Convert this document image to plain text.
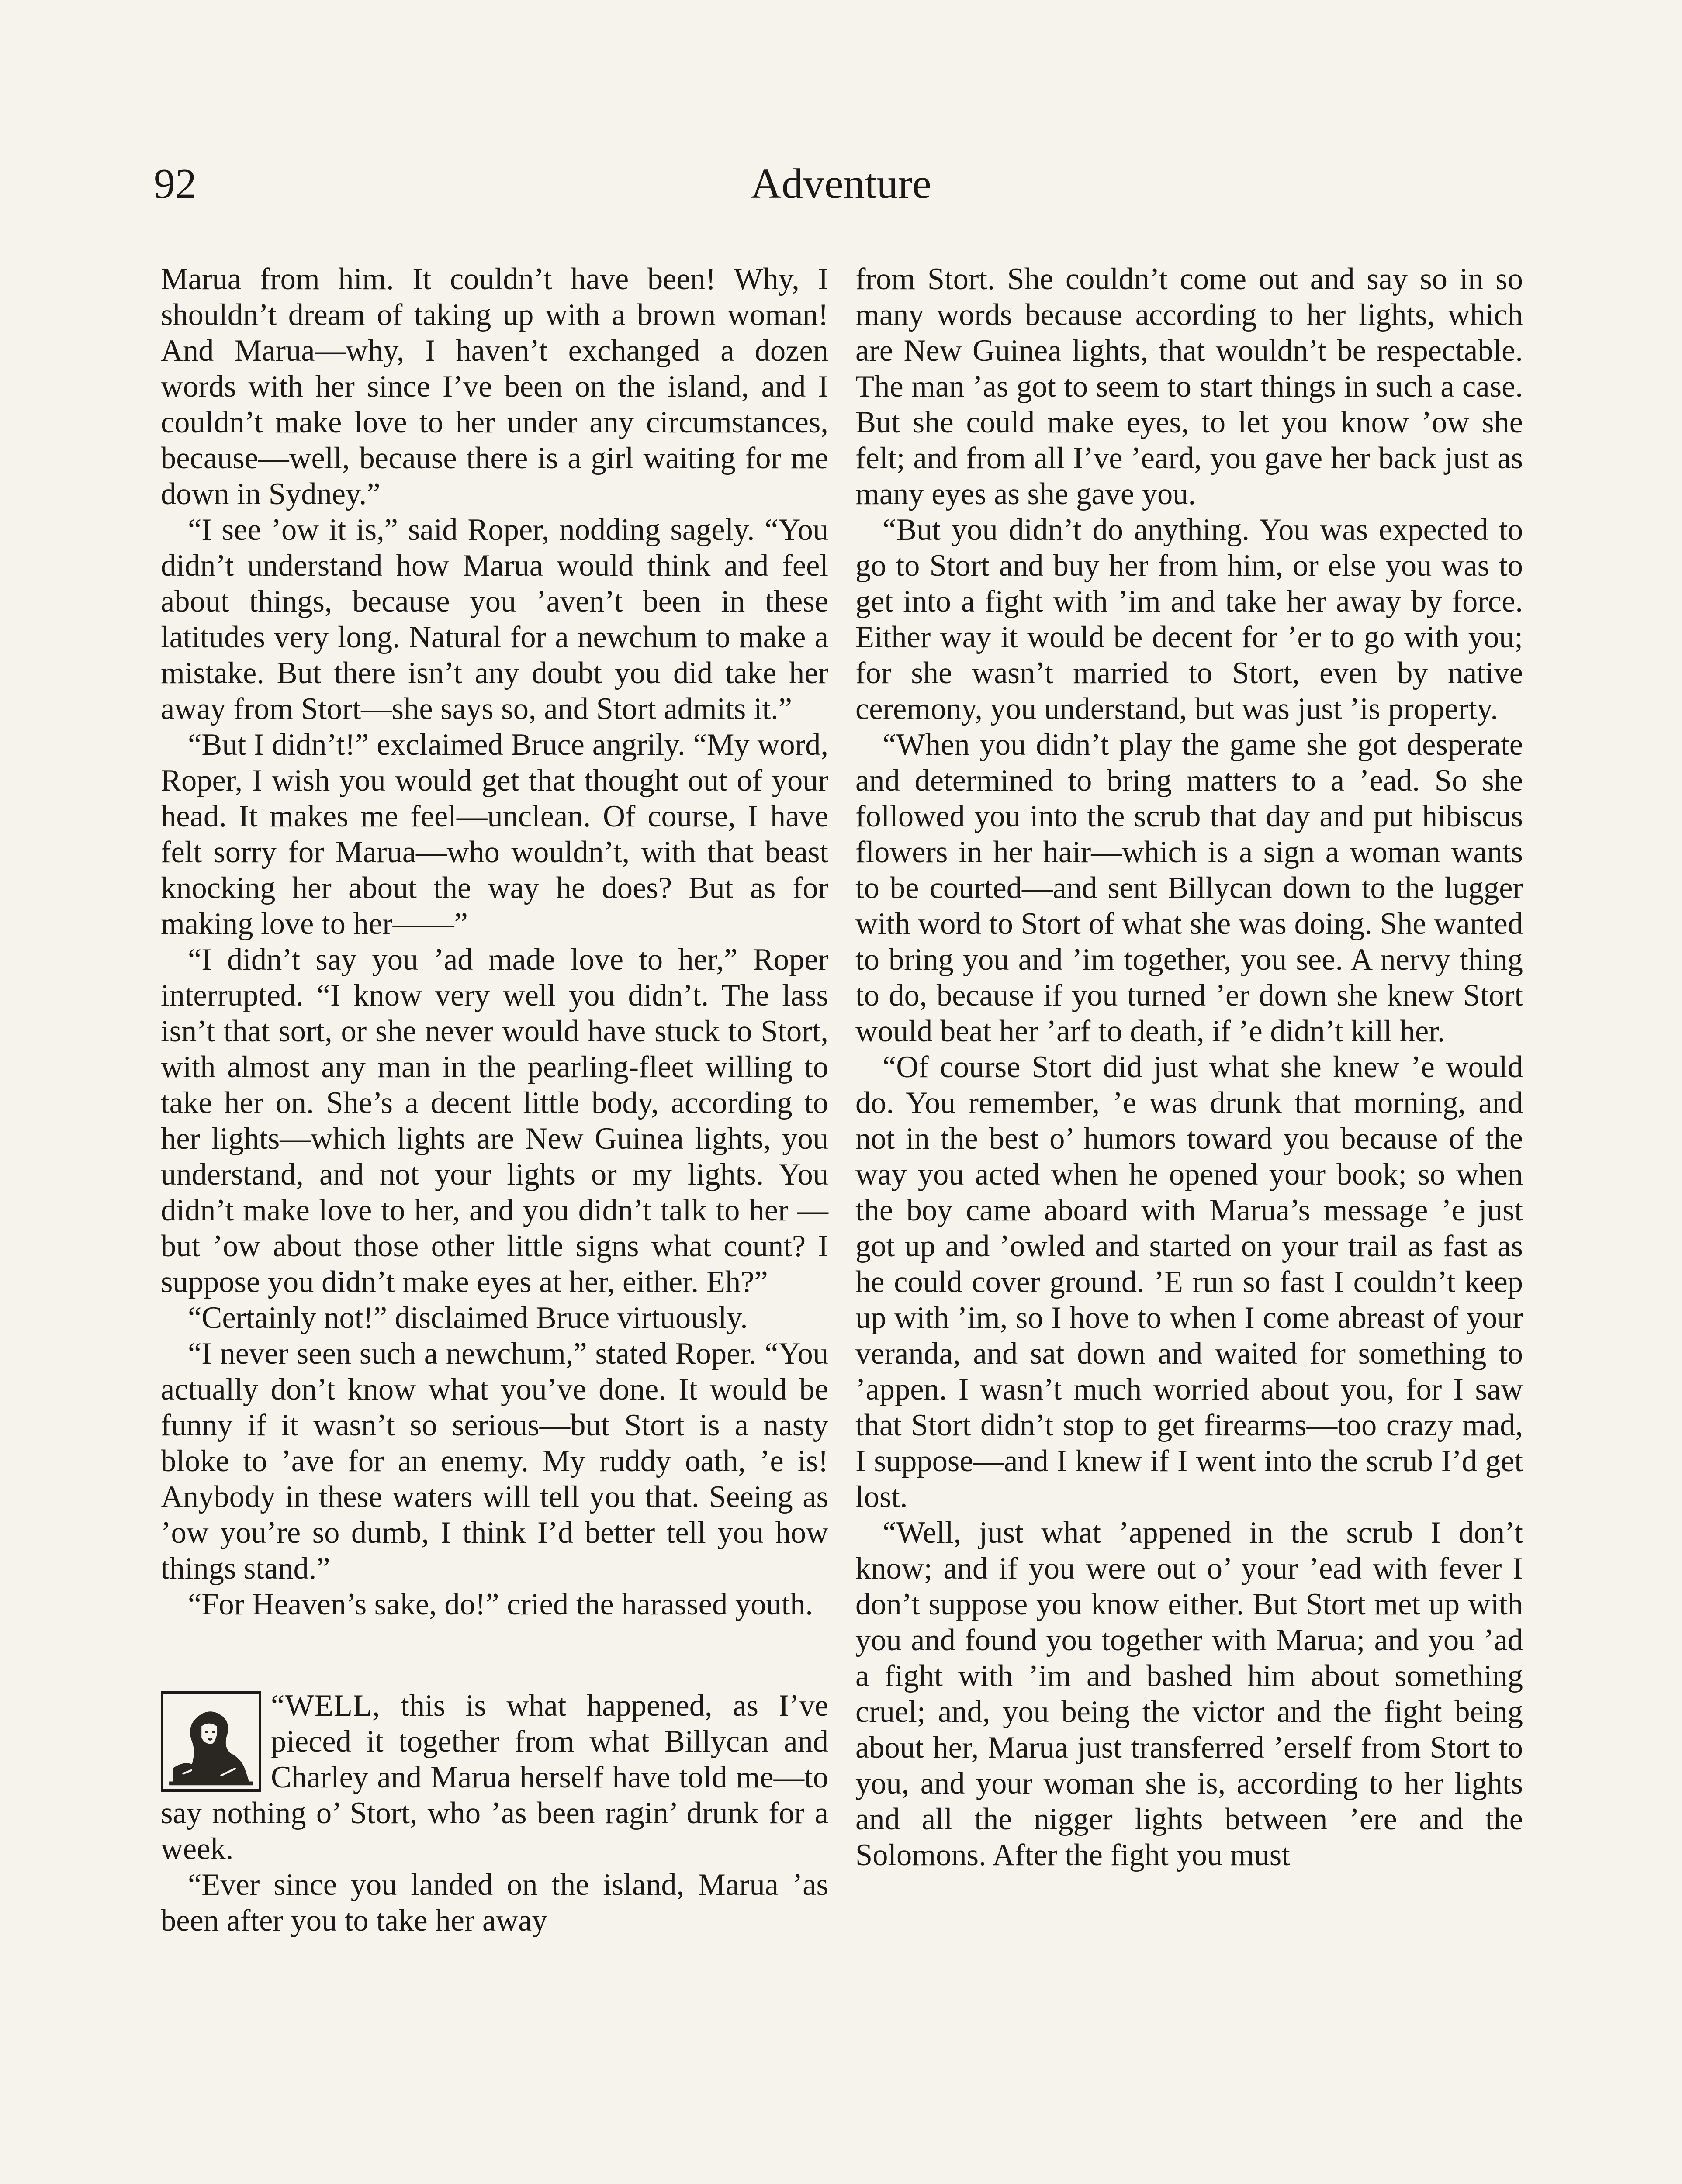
92	Adventure

Marua from him. It couldn’t have been! Why, I shouldn’t dream of taking up with a brown woman! And Marua—why, I haven’t exchanged a dozen words with her since I’ve been on the island, and I couldn’t make love to her under any circumstances, because—well, because there is a girl waiting for me down in Sydney.”

“I see ’ow it is,” said Roper, nodding sagely. “You didn’t understand how Marua would think and feel about things, because you ’aven’t been in these latitudes very long. Natural for a newchum to make a mistake. But there isn’t any doubt you did take her away from Stort—she says so, and Stort admits it.”

“But I didn’t!” exclaimed Bruce angrily. “My word, Roper, I wish you would get that thought out of your head. It makes me feel—unclean. Of course, I have felt sorry for Marua—who wouldn’t, with that beast knocking her about the way he does? But as for making love to her——”

“I didn’t say you ’ad made love to her,” Roper interrupted. “I know very well you didn’t. The lass isn’t that sort, or she never would have stuck to Stort, with almost any man in the pearling-fleet willing to take her on. She’s a decent little body, according to her lights—which lights are New Guinea lights, you understand, and not your lights or my lights. You didn’t make love to her, and you didn’t talk to her —but ’ow about those other little signs what count? I suppose you didn’t make eyes at her, either. Eh?”

“Certainly not!” disclaimed Bruce virtuously.

“I never seen such a newchum,” stated Roper. “You actually don’t know what you’ve done. It would be funny if it wasn’t so serious—but Stort is a nasty bloke to ’ave for an enemy. My ruddy oath, ’e is! Anybody in these waters will tell you that. Seeing as ’ow you’re so dumb, I think I’d better tell you how things stand.”

“For Heaven’s sake, do!” cried the harassed youth.

“WELL, this is what happened, as I’ve pieced it together from what Billycan and Charley and Marua herself have told me—to say nothing o’ Stort, who ’as been ragin’ drunk for a week.

“Ever since you landed on the island, Marua ’as been after you to take her away

from Stort. She couldn’t come out and say so in so many words because according to her lights, which are New Guinea lights, that wouldn’t be respectable. The man ’as got to seem to start things in such a case. But she could make eyes, to let you know ’ow she felt; and from all I’ve ’eard, you gave her back just as many eyes as she gave you.

“But you didn’t do anything. You was expected to go to Stort and buy her from him, or else you was to get into a fight with ’im and take her away by force. Either way it would be decent for ’er to go with you; for she wasn’t married to Stort, even by native ceremony, you understand, but was just ’is property.

“When you didn’t play the game she got desperate and determined to bring matters to a ’ead. So she followed you into the scrub that day and put hibiscus flowers in her hair—which is a sign a woman wants to be courted—and sent Billycan down to the lugger with word to Stort of what she was doing. She wanted to bring you and ’im together, you see. A nervy thing to do, because if you turned ’er down she knew Stort would beat her ’arf to death, if ’e didn’t kill her.

“Of course Stort did just what she knew ’e would do. You remember, ’e was drunk that morning, and not in the best o’ humors toward you because of the way you acted when he opened your book; so when the boy came aboard with Marua’s message ’e just got up and ’owled and started on your trail as fast as he could cover ground. ’E run so fast I couldn’t keep up with ’im, so I hove to when I come abreast of your veranda, and sat down and waited for something to ’appen. I wasn’t much worried about you, for I saw that Stort didn’t stop to get firearms—too crazy mad, I suppose—and I knew if I went into the scrub I’d get lost.

“Well, just what ’appened in the scrub I don’t know; and if you were out o’ your ’ead with fever I don’t suppose you know either. But Stort met up with you and found you together with Marua; and you ’ad a fight with ’im and bashed him about something cruel; and, you being the victor and the fight being about her, Marua just transferred ’erself from Stort to you, and your woman she is, according to her lights and all the nigger lights between ’ere and the Solomons. After the fight you must
